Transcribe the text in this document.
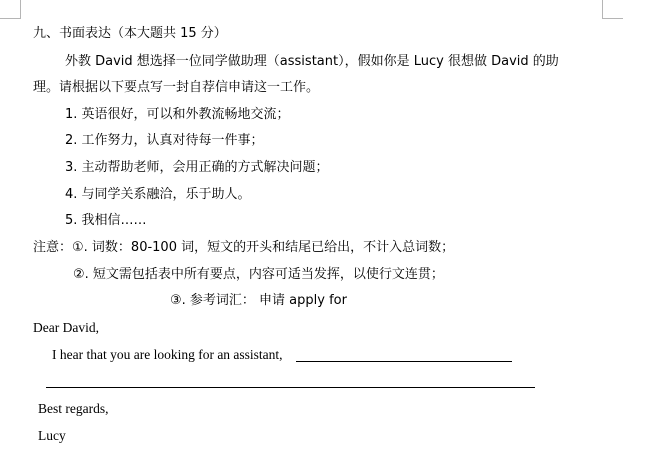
九、书面表达（本大题共 15 分）
外教 David 想选择一位同学做助理（assistant），假如你是 Lucy 很想做 David 的助
理。请根据以下要点写一封自荐信申请这一工作。
1. 英语很好，可以和外教流畅地交流；
2. 工作努力，认真对待每一件事；
3. 主动帮助老师，会用正确的方式解决问题；
4. 与同学关系融洽，乐于助人。
5. 我相信……
注意：①. 词数：80-100 词，短文的开头和结尾已给出，不计入总词数；
②. 短文需包括表中所有要点，内容可适当发挥，以使行文连贯；
③. 参考词汇： 申请 apply for
Dear David,
I hear that you are looking for an assistant,
Best regards,
Lucy
